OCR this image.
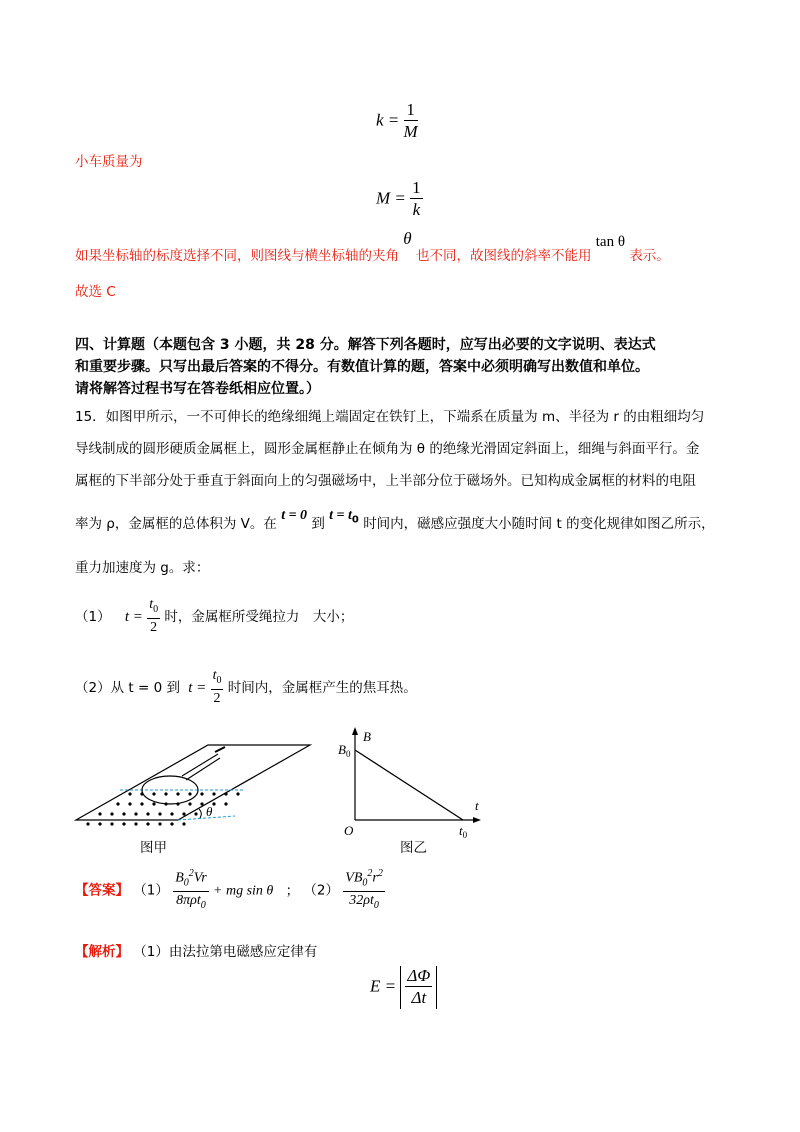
$k = \frac{1}{M}$
小车质量为
$M = \frac{1}{k}$
如果坐标轴的标度选择不同，则图线与横坐标轴的夹角 θ 也不同，故图线的斜率不能用 tan θ 表示。
故选 C
四、计算题（本题包含 3 小题，共 28 分。解答下列各题时，应写出必要的文字说明、表达式
和重要步骤。只写出最后答案的不得分。有数值计算的题，答案中必须明确写出数值和单位。
请将解答过程书写在答卷纸相应位置。）
15．如图甲所示，一不可伸长的绝缘细绳上端固定在铁钉上，下端系在质量为 m、半径为 r 的由粗细均匀
导线制成的圆形硬质金属框上，圆形金属框静止在倾角为 θ 的绝缘光滑固定斜面上，细绳与斜面平行。金
属框的下半部分处于垂直于斜面向上的匀强磁场中，上半部分位于磁场外。已知构成金属框的材料的电阻
率为 ρ，金属框的总体积为 V。在 t = 0 到 $t = t_0$ 时间内，磁感应强度大小随时间 t 的变化规律如图乙所示，
重力加速度为 g。求：
（1） $t = \frac{t_0}{2}$ 时，金属框所受绳拉力　大小；
（2）从 t = 0 到 $t = \frac{t_0}{2}$ 时间内，金属框产生的焦耳热。
θ
图甲
B
$B_0$
O
t
$t_0$
图乙
【答案】 $(1) \frac{B_0^2Vr}{8\pi\rho t_0}$ + mg sin θ ； $(2) \frac{VB_0^2r^2}{32\rho t_0}$
【解析】 （1）由法拉第电磁感应定律有
$E = \frac{\Delta\Phi}{\Delta t}$
